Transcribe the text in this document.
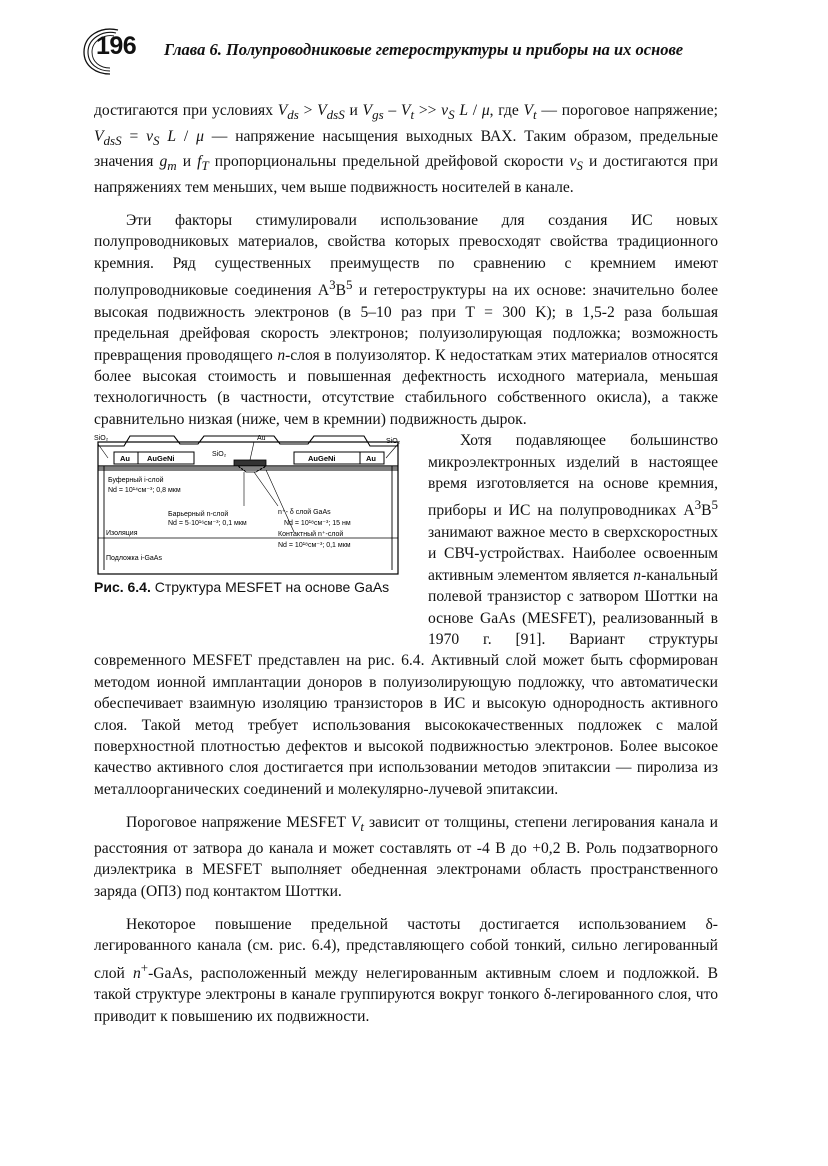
196 Глава 6. Полупроводниковые гетероструктуры и приборы на их основе

достигаются при условиях $V_{ds} > V_{dsS}$ и $V_{gs} - V_t >> v_S$ L / μ, где $V_t$ — пороговое напряжение; $V_{dsS} = v_S$ L / μ — напряжение насыщения выходных ВАХ. Таким образом, предельные значения $g_m$ и $f_T$ пропорциональны предельной дрейфовой скорости $v_S$ и достигаются при напряжениях тем меньших, чем выше подвижность носителей в канале.

Эти факторы стимулировали использование для создания ИС новых полупроводниковых материалов, свойства которых превосходят свойства традиционного кремния. Ряд существенных преимуществ по сравнению с кремнием имеют полупроводниковые соединения $A^3B^5$ и гетероструктуры на их основе: значительно более высокая подвижность электронов (в 5–10 раз при T = 300 K); в 1,5-2 раза большая предельная дрейфовая скорость электронов; полуизолирующая подложка; возможность превращения проводящего n-слоя в полуизолятор. К недостаткам этих материалов относятся более высокая стоимость и повышенная дефектность исходного материала, меньшая технологичность (в частности, отсутствие стабильного собственного окисла), а также сравнительно низкая (ниже, чем в кремнии) подвижность дырок.

SiO₂	SiO₂
SiO₂
Au
Au AuGeNi	AuGeNi	Au
Буферный i-слой
Nd = 10¹⁴см⁻³; 0,8 мкм
Барьерный n-слой
Nd = 5·10¹⁶см⁻³; 0,1 мкм
n⁺- δ слой GaAs
Nd = 10¹⁸см⁻³; 15 нм
Контактный n⁺-слой
Nd = 10¹⁸см⁻³; 0,1 мкм
Изоляция
Подложка i-GaAs
Рис. 6.4. Структура MESFET на основе GaAs

Хотя подавляющее большинство микроэлектронных изделий в настоящее время изготовляется на основе кремния, приборы и ИС на полупроводниках $A^3B^5$ занимают важное место в сверхскоростных и СВЧ-устройствах. Наиболее освоенным активным элементом является n-канальный полевой транзистор с затвором Шоттки на основе GaAs (MESFET), реализованный в 1970 г. [91]. Вариант структуры современного MESFET представлен на рис. 6.4. Активный слой может быть сформирован методом ионной имплантации доноров в полуизолирующую подложку, что автоматически обеспечивает взаимную изоляцию транзисторов в ИС и высокую однородность активного слоя. Такой метод требует использования высококачественных подложек с малой поверхностной плотностью дефектов и высокой подвижностью электронов. Более высокое качество активного слоя достигается при использовании методов эпитаксии — пиролиза из металлоорганических соединений и молекулярно-лучевой эпитаксии.

Пороговое напряжение MESFET $V_t$ зависит от толщины, степени легирования канала и расстояния от затвора до канала и может составлять от -4 В до +0,2 В. Роль подзатворного диэлектрика в MESFET выполняет обедненная электронами область пространственного заряда (ОПЗ) под контактом Шоттки.

Некоторое повышение предельной частоты достигается использованием δ-легированного канала (см. рис. 6.4), представляющего собой тонкий, сильно легированный слой n+-GaAs, расположенный между нелегированным активным слоем и подложкой. В такой структуре электроны в канале группируются вокруг тонкого δ-легированного слоя, что приводит к повышению их подвижности.
